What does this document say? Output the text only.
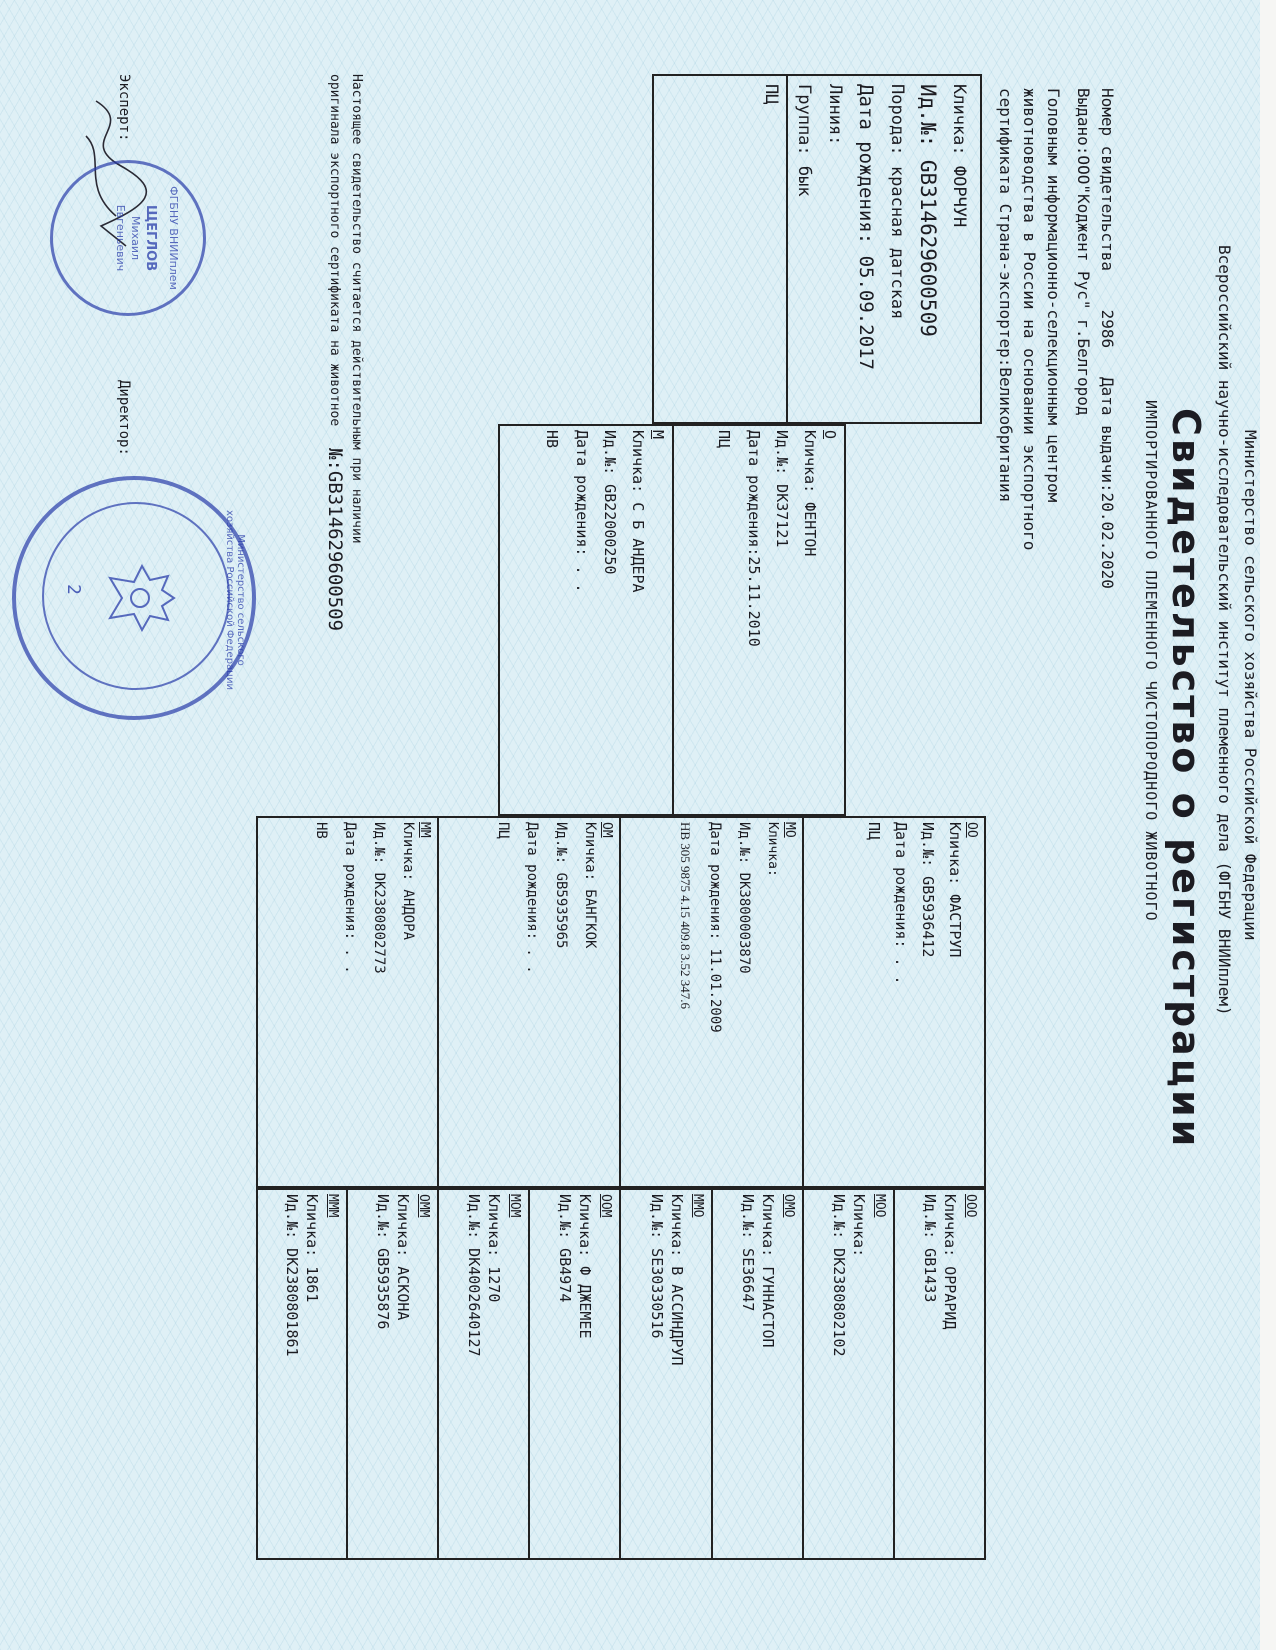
Министерство сельского хозяйства Российской Федерации
Всероссийский научно-исследовательский институт племенного дела (ФГБНУ ВНИИплем)
Свидетельство о регистрации
ИМПОРТИРОВАННОГО ПЛЕМЕННОГО ЧИСТОПОРОДНОГО ЖИВОТНОГО
Номер свидетельства    2986   Дата выдачи:20.02.2020
Выдано:ООО"Коджент Рус" г.Белгород
Головным информационно-селекционным центром
животноводства в России на основании экспортного
сертификата Страна-экспортер:Великобритания
Кличка: ФОРЧУН
Ид.№: GB314629600509
Порода: красная датская
Дата рождения: 05.09.2017
Линия:
Группа: бык
ПЦ
О
Кличка: ФЕНТОН
Ид.№: DK37121
Дата рождения:25.11.2010
ПЦ
М
Кличка: С Б АНДЕРА
Ид.№: GB22000250
Дата рождения: . .
НВ
ОО
Кличка: ФАСТРУП
Ид.№: GB5936412
Дата рождения: . .
ПЦ
МО
Кличка:
Ид.№: DK3800003870
Дата рождения: 11.01.2009
НВ 305 9875 4.15 409.8 3.52 347.6
ОМ
Кличка: БАНГКОК
Ид.№: GB5935965
Дата рождения: . .
ПЦ
ММ
Кличка: АНДОРА
Ид.№: DK2380802773
Дата рождения: . .
НВ
ООО
Кличка: ОРРАРИД
Ид.№: GB1433
МОО
Кличка:
Ид.№: DK2380802102
ОМО
Кличка: ГУННАСТОП
Ид.№: SE36647
ММО
Кличка: В АССИНДРУП
Ид.№: SE30330516
ООМ
Кличка: Ф ДЖЕМЕЕ
Ид.№: GB4974
МОМ
Кличка: 1270
Ид.№: DK4002640127
ОММ
Кличка: АСКОНА
Ид.№: GB5935876
МММ
Кличка: 1861
Ид.№: DK2380801861
Настоящее свидетельство считается действительным при наличии
оригинала экспортного сертификата на животное
№:GB314629600509
Эксперт:
Директор:
ФГБНУ ВНИИплем
ЩЕГЛОВ
Михаил
Евгеньевич
Министерство сельского хозяйства Российской Федерации
2
